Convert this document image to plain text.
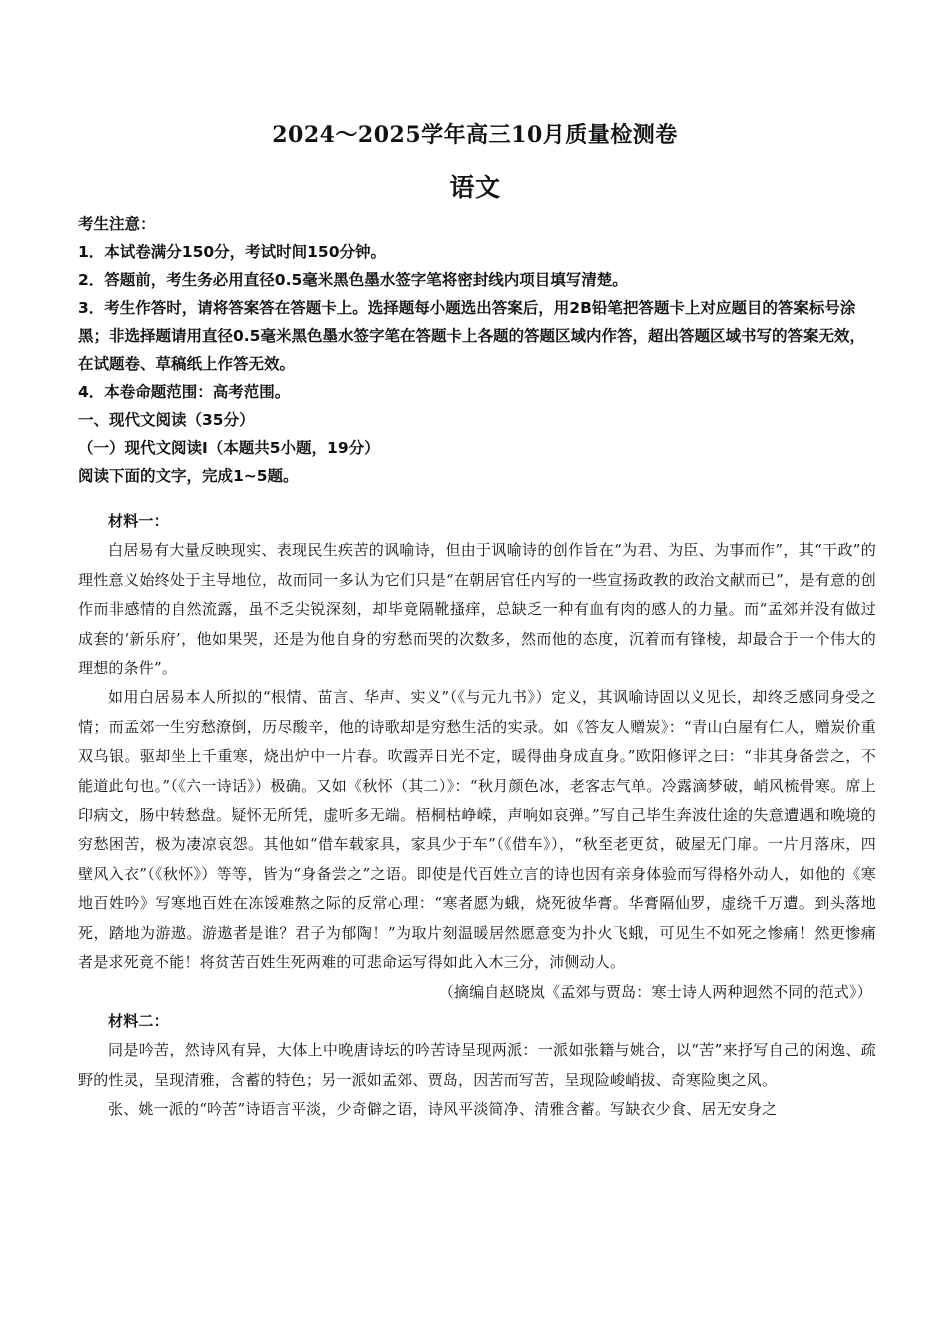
2024～2025学年高三10月质量检测卷
语文
考生注意：
1．本试卷满分150分，考试时间150分钟。
2．答题前，考生务必用直径0.5毫米黑色墨水签字笔将密封线内项目填写清楚。
3．考生作答时，请将答案答在答题卡上。选择题每小题选出答案后，用2B铅笔把答题卡上对应题目的答案标号涂黑；非选择题请用直径0.5毫米黑色墨水签字笔在答题卡上各题的答题区域内作答，超出答题区域书写的答案无效，在试题卷、草稿纸上作答无效。
4．本卷命题范围：高考范围。
一、现代文阅读（35分）
（一）现代文阅读Ⅰ（本题共5小题，19分）
阅读下面的文字，完成1~5题。

材料一：

白居易有大量反映现实、表现民生疾苦的讽喻诗，但由于讽喻诗的创作旨在“为君、为臣、为事而作”，其“干政”的理性意义始终处于主导地位，故而同一多认为它们只是“在朝居官任内写的一些宣扬政教的政治文献而已”，是有意的创作而非感情的自然流露，虽不乏尖锐深刻，却毕竟隔靴搔痒，总缺乏一种有血有肉的感人的力量。而“孟郊并没有做过成套的‘新乐府’，他如果哭，还是为他自身的穷愁而哭的次数多，然而他的态度，沉着而有锋棱，却最合于一个伟大的理想的条件”。

如用白居易本人所拟的“根情、苗言、华声、实义”（《与元九书》）定义，其讽喻诗固以义见长，却终乏感同身受之情；而孟郊一生穷愁潦倒，历尽酸辛，他的诗歌却是穷愁生活的实录。如《答友人赠炭》：“青山白屋有仁人，赠炭价重双乌银。驱却坐上千重寒，烧出炉中一片春。吹霞弄日光不定，暖得曲身成直身。”欧阳修评之曰：“非其身备尝之，不能道此句也。”（《六一诗话》）极确。又如《秋怀（其二）》：“秋月颜色冰，老客志气单。冷露滴梦破，峭风梳骨寒。席上印病文，肠中转愁盘。疑怀无所凭，虚听多无端。梧桐枯峥嵘，声响如哀弹。”写自己毕生奔波仕途的失意遭遇和晚境的穷愁困苦，极为凄凉哀怨。其他如“借车载家具，家具少于车”（《借车》），“秋至老更贫，破屋无门扉。一片月落床，四壁风入衣”（《秋怀》）等等，皆为“身备尝之”之语。即使是代百姓立言的诗也因有亲身体验而写得格外动人，如他的《寒地百姓吟》写寒地百姓在冻馁难熬之际的反常心理：“寒者愿为蛾，烧死彼华膏。华膏隔仙罗，虚绕千万遭。到头落地死，踏地为游遨。游遨者是谁？君子为郁陶！”为取片刻温暖居然愿意变为扑火飞蛾，可见生不如死之惨痛！然更惨痛者是求死竟不能！将贫苦百姓生死两难的可悲命运写得如此入木三分，沛侧动人。

（摘编自赵晓岚《孟郊与贾岛：寒士诗人两种迥然不同的范式》）

材料二：

同是吟苦，然诗风有异，大体上中晚唐诗坛的吟苦诗呈现两派：一派如张籍与姚合，以“苦”来抒写自己的闲逸、疏野的性灵，呈现清雅，含蓄的特色；另一派如孟郊、贾岛，因苦而写苦，呈现险峻峭拔、奇寒险奥之风。

张、姚一派的“吟苦”诗语言平淡，少奇僻之语，诗风平淡简净、清雅含蓄。写缺衣少食、居无安身之
